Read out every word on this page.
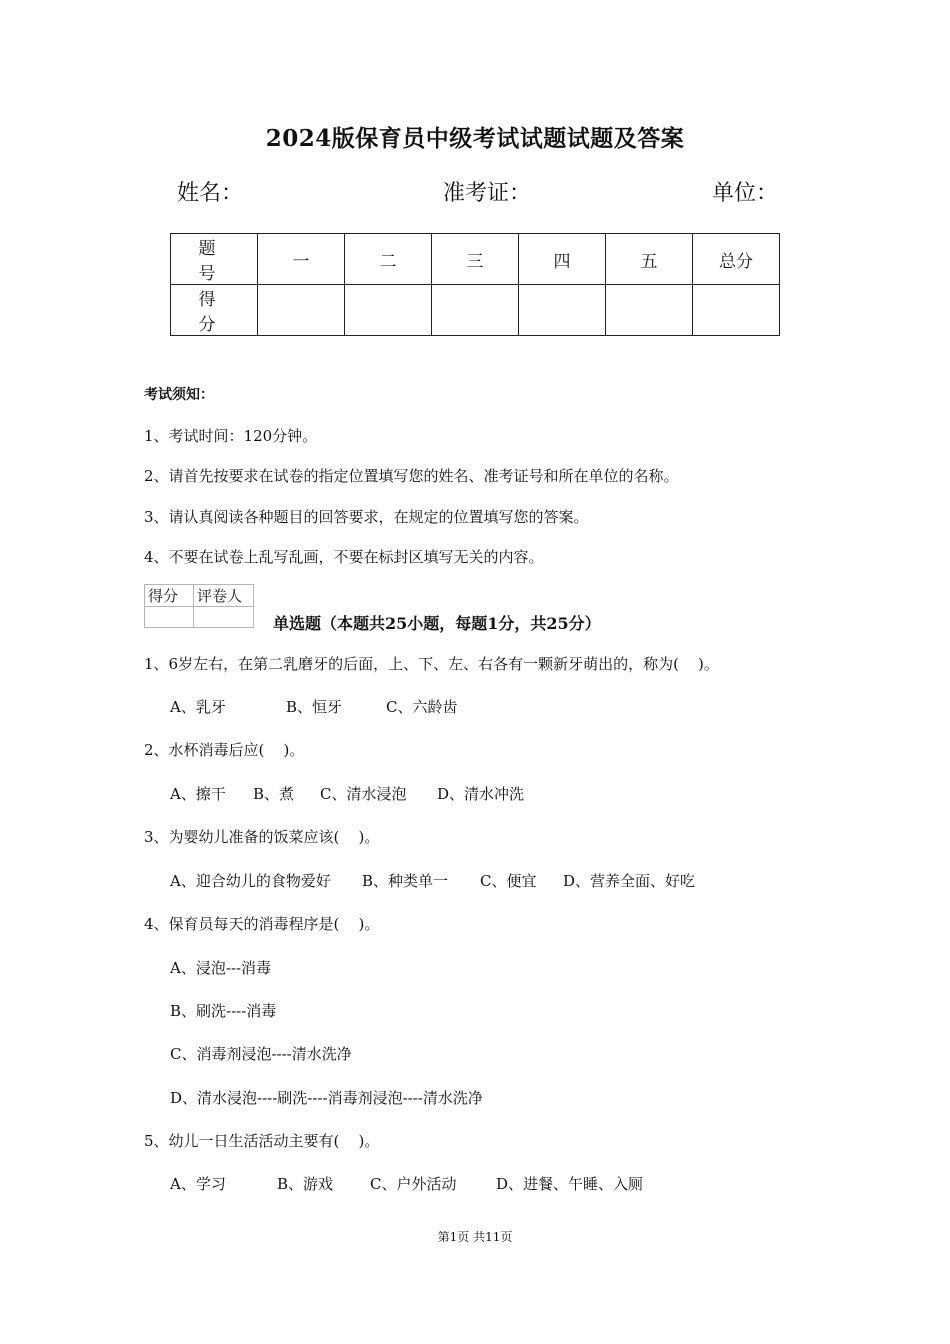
2024版保育员中级考试试题试题及答案
姓名：	准考证：	单位：
题　号	一	二	三	四	五	总分
得　分						
考试须知：
1、考试时间：120分钟。
2、请首先按要求在试卷的指定位置填写您的姓名、准考证号和所在单位的名称。
3、请认真阅读各种题目的回答要求，在规定的位置填写您的答案。
4、不要在试卷上乱写乱画，不要在标封区填写无关的内容。
得分	评卷人

单选题（本题共25小题，每题1分，共25分）
1、6岁左右，在第二乳磨牙的后面，上、下、左、右各有一颗新牙萌出的，称为(    )。
A、乳牙	B、恒牙	C、六龄齿
2、水杯消毒后应(    )。
A、擦干 B、煮 C、清水浸泡 D、清水冲洗
3、为婴幼儿准备的饭菜应该(    )。
A、迎合幼儿的食物爱好 B、种类单一 C、便宜 D、营养全面、好吃
4、保育员每天的消毒程序是(    )。
A、浸泡---消毒
B、刷洗----消毒
C、消毒剂浸泡----清水洗净
D、清水浸泡----刷洗----消毒剂浸泡----清水洗净
5、幼儿一日生活活动主要有(    )。
A、学习	B、游戏 C、户外活动	D、进餐、午睡、入厕
第1页 共11页
